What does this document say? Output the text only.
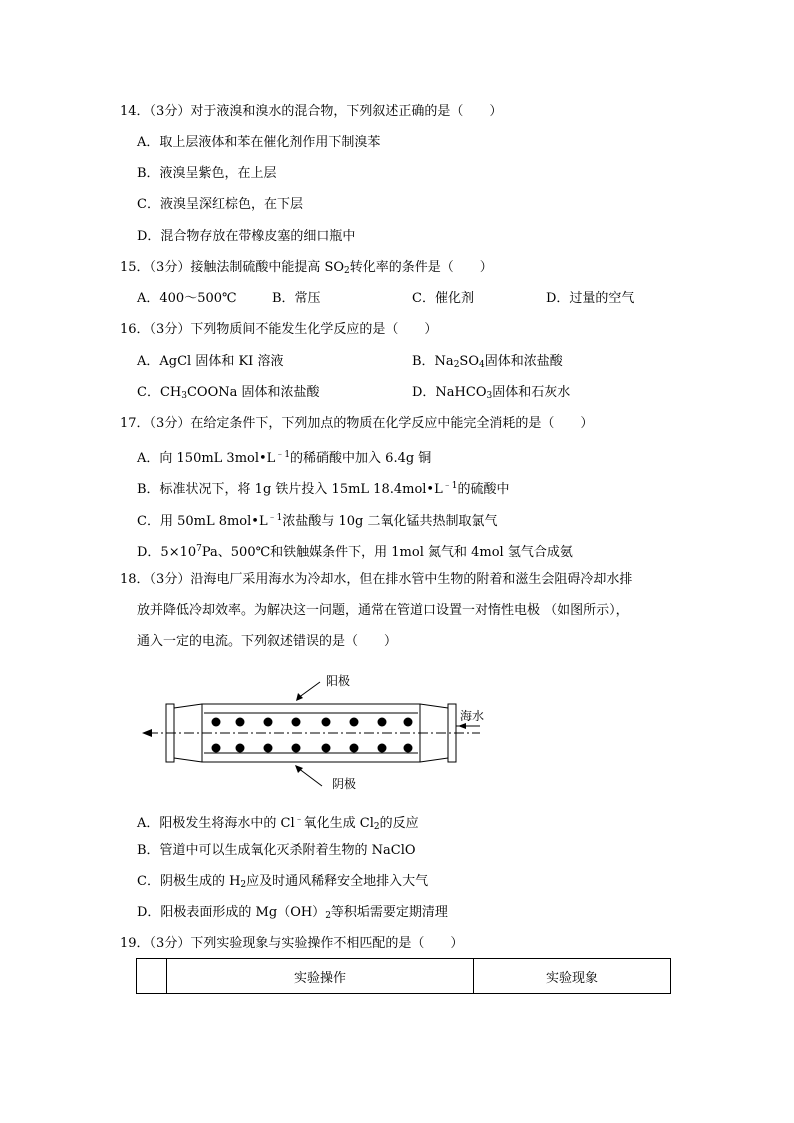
14．（3分）对于液溴和溴水的混合物，下列叙述正确的是（　　）
A．取上层液体和苯在催化剂作用下制溴苯
B．液溴呈紫色，在上层
C．液溴呈深红棕色，在下层
D．混合物存放在带橡皮塞的细口瓶中
15．（3分）接触法制硫酸中能提高 $SO_2$转化率的条件是（　　）
A．400～500℃	B．常压	C．催化剂	D．过量的空气
16．（3分）下列物质间不能发生化学反应的是（　　）
A．AgCl 固体和 KI 溶液	B．$Na_2SO_4$固体和浓盐酸
C．$CH_3COONa$ 固体和浓盐酸	D．NaHCO$_3$固体和石灰水
17．（3分）在给定条件下，下列加点的物质在化学反应中能完全消耗的是（　　）
A．向 150mL $3mol•L^{﹣1}$的稀硝酸中加入 6.4g 铜
B．标准状况下，将 1g 铁片投入 15mL $18.4mol•L^{﹣1}$的硫酸中
C．用 50mL $8mol•L^{﹣1}$浓盐酸与 10g 二氧化锰共热制取氯气
D．$5\times 10^7Pa$、500℃和铁触媒条件下，用 1mol 氮气和 4mol 氢气合成氨
18．（3分）沿海电厂采用海水为冷却水，但在排水管中生物的附着和滋生会阻碍冷却水排
放并降低冷却效率。为解决这一问题，通常在管道口设置一对惰性电极 （如图所示），
通入一定的电流。下列叙述错误的是（　　）
阳极
阴极
海水
A．阳极发生将海水中的 Cl﹣氧化生成 $Cl_2$的反应
B．管道中可以生成氧化灭杀附着生物的 NaClO
C．阴极生成的 $H_2$应及时通风稀释安全地排入大气
D．阳极表面形成的 $Mg(OH)_2$等积垢需要定期清理
19．（3分）下列实验现象与实验操作不相匹配的是（　　）
实验操作	实验现象
